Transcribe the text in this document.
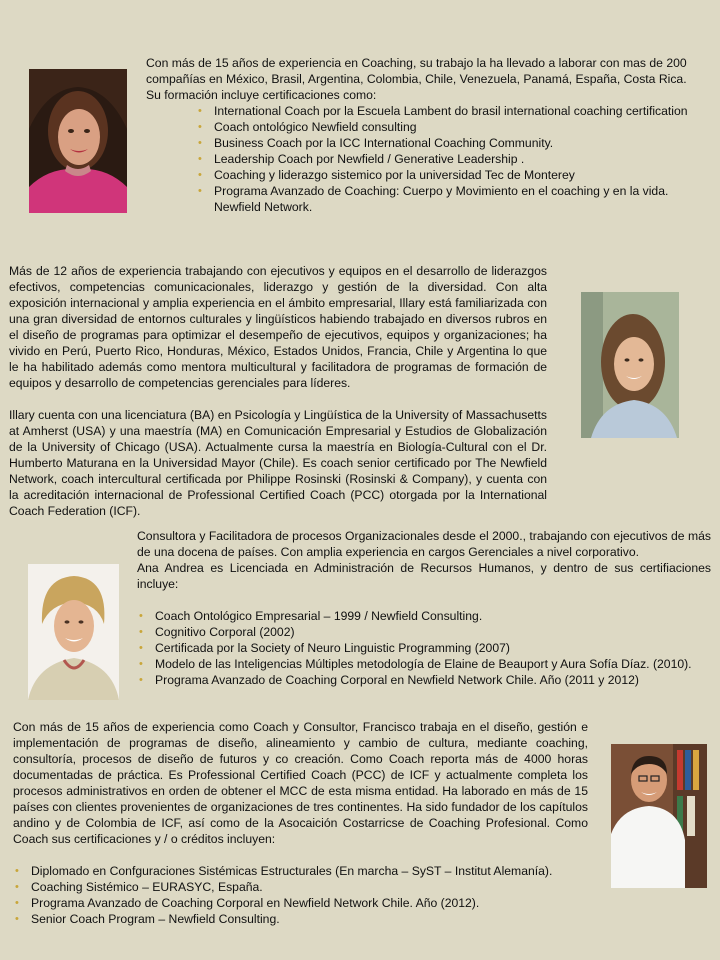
Con más de 15 años de experiencia en Coaching, su trabajo la ha llevado a laborar con mas de 200 compañías en México, Brasil, Argentina, Colombia, Chile, Venezuela, Panamá, España, Costa Rica.

Su formación incluye certificaciones como:

• International Coach por la Escuela Lambent do brasil international coaching certification
• Coach ontológico Newfield consulting
• Business Coach por la ICC International Coaching Community.
• Leadership Coach por Newfield / Generative Leadership .
• Coaching y liderazgo sistemico por la universidad Tec de Monterey
• Programa Avanzado de Coaching: Cuerpo y Movimiento en el coaching y en la vida. Newfield Network.

Más de 12 años de experiencia trabajando con ejecutivos y equipos en el desarrollo de liderazgos efectivos, competencias comunicacionales, liderazgo y gestión de la diversidad. Con alta exposición internacional y amplia experiencia en el ámbito empresarial, Illary está familiarizada con una gran diversidad de entornos culturales y lingüísticos habiendo trabajado en diversos rubros en el diseño de programas para optimizar el desempeño de ejecutivos, equipos y organizaciones; ha vivido en Perú, Puerto Rico, Honduras, México, Estados Unidos, Francia, Chile y Argentina lo que le ha habilitado además como mentora multicultural y facilitadora de programas de formación de equipos y desarrollo de competencias gerenciales para líderes.

Illary cuenta con una licenciatura (BA) en Psicología y Lingüística de la University of Massachusetts at Amherst (USA) y una maestría (MA) en Comunicación Empresarial y Estudios de Globalización de la University of Chicago (USA). Actualmente cursa la maestría en Biología-Cultural con el Dr. Humberto Maturana en la Universidad Mayor (Chile). Es coach senior certificado por The Newfield Network, coach intercultural certificada por Philippe Rosinski (Rosinski & Company), y cuenta con la acreditación internacional de Professional Certified Coach (PCC) otorgada por la International Coach Federation (ICF).

Consultora y Facilitadora de procesos Organizacionales desde el 2000., trabajando con ejecutivos de más de una docena de países. Con amplia experiencia en cargos Gerenciales a nivel corporativo.

Ana Andrea es Licenciada en Administración de Recursos Humanos, y dentro de sus certifiaciones incluye:

• Coach Ontológico Empresarial – 1999 / Newfield Consulting.
• Cognitivo Corporal (2002)
• Certificada por la Society of Neuro Linguistic Programming (2007)
• Modelo de las Inteligencias Múltiples metodología de Elaine de Beauport y Aura Sofía Díaz. (2010).
• Programa Avanzado de Coaching Corporal en Newfield Network Chile. Año (2011 y 2012)

Con más de 15 años de experiencia como Coach y Consultor, Francisco trabaja en el diseño, gestión e implementación de programas de diseño, alineamiento y cambio de cultura, mediante coaching, consultoría, procesos de diseño de futuros y co creación. Como Coach reporta más de 4000 horas documentadas de práctica. Es Professional Certified Coach (PCC) de ICF y actualmente completa los procesos administrativos en orden de obtener el MCC de esta misma entidad. Ha laborado en más de 15 países con clientes provenientes de organizaciones de tres continentes. Ha sido fundador de los capítulos andino y de Colombia de ICF, así como de la Asocaición Costarricse de Coaching Profesional. Como Coach sus certificaciones y / o créditos incluyen:

• Diplomado en Confguraciones Sistémicas Estructurales (En marcha – SyST – Institut Alemanía).
• Coaching Sistémico – EURASYC, España.
• Programa Avanzado de Coaching Corporal en Newfield Network Chile. Año (2012).
• Senior Coach Program – Newfield Consulting.
